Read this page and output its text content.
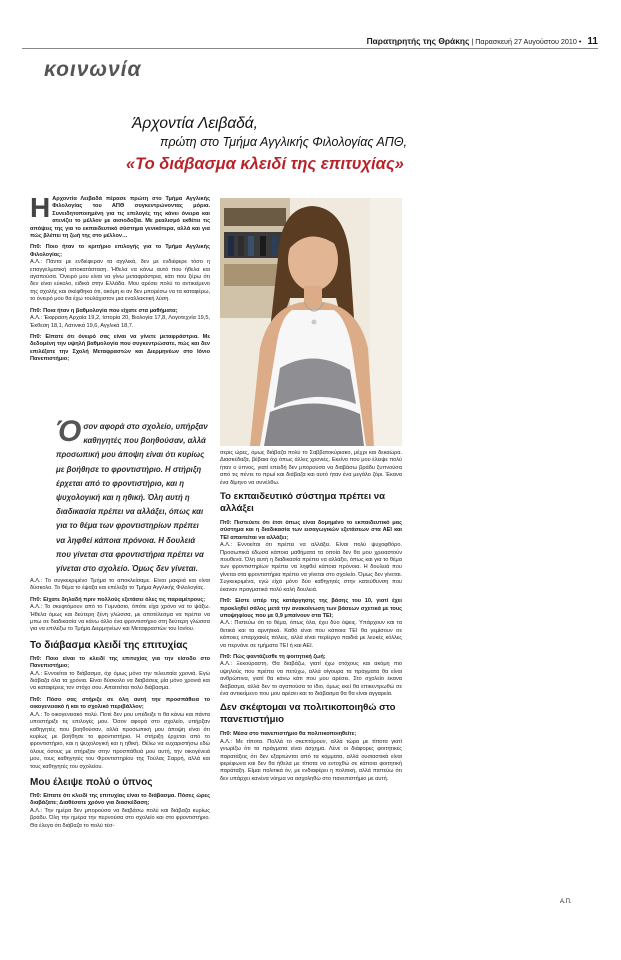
Παρατηρητής της Θράκης | Παρασκευή 27 Αυγούστου 2010 • 11
κοινωνία
Άρχοντία Λειβαδά,
πρώτη στο Τμήμα Αγγλικής Φιλολογίας ΑΠΘ,
«Το διάβασμα κλειδί της επιτυχίας»

Η Αρχοντία Λειβαδά πέρασε πρώτη στο Τμήμα Αγγλικής Φιλολογίας του ΑΠΘ συγκεντρώνοντας μόρια. Συνειδητοποιημένη για τις επιλογές της κάνει όνειρα και ατενίζει το μέλλον με αισιοδοξία. Με ρεαλισμό εκθέτει τις απόψεις της για το εκπαιδευτικό σύστημα γενικότερα, αλλά και για πώς βλέπει τη ζωή της στο μέλλον…

Πτ0: Ποιο ήταν το κριτήριο επιλογής για το Τμήμα Αγγλικής Φιλολογίας;
Α.Λ.: Πάντα με ενδιέφεραν τα αγγλικά, δεν με ενδιέφερε τόσο η επαγγελματική αποκατάσταση. Ήθελα να κάνω αυτό που ήθελα και αγαπούσα. Όνειρό μου είναι να γίνω μεταφράστρια, κάτι που ξέρω ότι δεν είναι εύκολο, ειδικά στην Ελλάδα. Μου αρέσει πολύ το αντικείμενο της σχολής και σκέφθηκα ότι, ακόμη κι αν δεν μπορέσω να τα καταφέρω, το όνειρό μου θα έχω τουλάχιστον μια εναλλακτική λύση.

Πτ0: Ποια ήταν η βαθμολογία που είχατε στα μαθήματα;
Α.Λ.: Έκφραση Αρχαία 19,2, Ιστορία 20, Βιολογία 17,8, Λογοτεχνία 19,5, Έκθεση 18,1, Λατινικά 19,6, Αγγλικά 18,7.

Πτ0: Είπατε ότι όνειρό σας είναι να γίνετε μεταφράστρια. Με δεδομένη την υψηλή βαθμολογία που συγκεντρώσατε, πώς και δεν επιλέξατε την Σχολή Μεταφραστών και Διερμηνέων στο Ιόνιο Πανεπιστήμιο;

Ό σον αφορά στο σχολείο, υπήρξαν καθηγητές που βοηθούσαν, αλλά προσωπική μου άποψη είναι ότι κυρίως με βοήθησε το φροντιστήριο. Η στήριξη έρχεται από το φροντιστήριο, και η ψυχολογική και η ηθική. Όλη αυτή η διαδικασία πρέπει να αλλάξει, όπως και για το θέμα των φροντιστηρίων πρέπει να ληφθεί κάποια πρόνοια. Η δουλειά που γίνεται στα φροντιστήρια πρέπει να γίνεται στο σχολείο. Όμως δεν γίνεται.

Α.Λ.: Το συγκεκριμένο Τμήμα το αποκλείσαμε. Είναι μακριά και είναι δύσκολο. Το θέμα το έψαξα και επέλεξα το Τμήμα Αγγλικής Φιλολογίας.

Πτ0: Είχατε δηλαδή πριν πολλούς εξετάσει όλες τις παραμέτρους;
Α.Λ.: Το σκεφτόμουν από το Γυμνάσιο, όπότε είχα χρόνο να το ψάξω. Ήθελα όμως και δεύτερη ξένη γλώσσα, με αποτέλεσμα να πρέπει να μπω σε διαδικασία να κάνω άλλο ένα φροντιστήριο στη δεύτερη γλώσσα για να επιλέξω το Τμήμα Διερμηνέων και Μεταφραστών του Ιονίου.

Το διάβασμα κλειδί της επιτυχίας

Πτ0: Ποιο είναι το κλειδί της επιτυχίας για την είσοδο στο Πανεπιστήμιο;
Α.Λ.: Εννοείται το διάβασμα, όχι όμως μόνο την τελευταία χρονιά. Εγώ διάβαζα όλα τα χρόνια. Είναι δύσκολο να διαβάσεις μία μόνο χρονιά και να καταφέρεις τον στόχο σου. Απαιτείται πολύ διάβασμα.

Πτ0: Πόσο σας στήριξε σε όλη αυτή την προσπάθεια το οικογενειακό ή και το σχολικό περιβάλλον;
Α.Λ.: Το οικογενειακό πολύ. Ποτέ δεν μου υπέδειξε τι θα κάνω και πάντα υποστήριξε τις επιλογές μου. Όσον αφορά στο σχολείο, υπήρξαν καθηγητές που βοηθούσαν, αλλά προσωπική μου άποψη είναι ότι κυρίως με βοήθησε το φροντιστήριο. Η στήριξη έρχεται από το φροντιστήριο, και η ψυχολογική και η ηθική. Θέλω να ευχαριστήσω εδώ όλους όσους με στήριξαν στην προσπάθειά μου αυτή, την οικογένειά μου, τους καθηγητές του Φροντιστηρίου της Τούλας Σαρρή, αλλά και τους καθηγητές του σχολείου.

Μου έλειψε πολύ ο ύπνος

Πτ0: Είπατε ότι κλειδί της επιτυχίας είναι το διάβασμα. Πόσες ώρες διαβάζατε; Διαθέσατε χρόνο για διασκέδαση;
Α.Λ.: Την ημέρα δεν μπορούσα να διαβάσω πολύ και διάβαζα κυρίως βράδυ. Όλη την ημέρα την περνούσα στο σχολείο και στο φροντιστήριο. Θα έλεγα ότι διάβαζα το πολύ τέσ-

σερις ώρες, όμως διάβαζα πολύ το Σαββατοκύριακο, μέχρι και δεκαώρα. Διασκέδαζα, βέβαια όχι όπως άλλες χρονιές. Εκείνο που μου έλειψε πολύ ήταν ο ύπνος, γιατί επειδή δεν μπορούσα να διαβάσω βράδυ ξυπνούσα από τις πέντε το πρωί και διάβαζα και αυτό ήταν ένα μεγάλο ζόρι. Έκανα ένα δίμηνο να συνέλθω.

Το εκπαιδευτικό σύστημα πρέπει να αλλάξει

Πτ0: Πιστεύετε ότι έτσι όπως είναι δομημένο το εκπαιδευτικό μας σύστημα και η διαδικασία των εισαγωγικών εξετάσεων στα ΑΕΙ και ΤΕΙ απαιτείται να αλλάξει;
Α.Λ.: Εννοείται ότι πρέπει να αλλάξει. Είναι πολύ ψυχοφθόρο. Προσωπικά έδωσα κάποια μαθήματα τα οποία δεν θα μου χρειαστούν πουθενά. Όλη αυτή η διαδικασία πρέπει να αλλάξει, όπως και για το θέμα των φροντιστηρίων πρέπει να ληφθεί κάποια πρόνοια. Η δουλειά που γίνεται στα φροντιστήρια πρέπει να γίνεται στο σχολείο. Όμως δεν γίνεται. Συγκεκριμένα, εγώ είχα μόνο δύο καθηγητές στην κατεύθυνση που έκαναν πραγματικά πολύ καλή δουλειά.

Πτ0: Είστε υπέρ της κατάργησης της βάσης του 10, γιατί έχει προκληθεί σάλος μετά την ανακοίνωση των βάσεων σχετικά με τους υποψηφίους που με 0,9 μπαίνουν στα ΤΕΙ;
Α.Λ.: Πιστεύω ότι το θέμα, όπως όλα, έχει δύο όψεις. Υπάρχουν και τα θετικά και τα αρνητικά. Καθό είναι που κάποια ΤΕΙ θα γεμίσουν σε κάποιες επαρχιακές πόλεις, αλλά είναι περίεργο παιδιά με λευκές κόλλες να περνάνε σε τμήματα ΤΕΙ ή και ΑΕΙ.

Πτ0: Πώς φαντάζεσθε τη φοιτητική ζωή;
Α.Λ.: Ξεκούραστη. Θα διαβάζω, γιατί έχω στόχους και ακόμη πιο υψηλούς που πρέπει να πετύχω, αλλά σίγουρα τα πράγματα θα είναι ανθρώπινα, γιατί θα κάνω κάτι που μου αρέσει. Στο σχολείο έκανα διάβασμα, αλλά δεν το αγαπούσα το ίδιο, όμως εκεί θα επικεντρωθώ σε ένα αντικείμενο που μου αρέσει και το διάβασμα θα θα είναι αγγαρεία.

Δεν σκέφτομαι να πολιτικοποιηθώ στο πανεπιστήμιο

Πτ0: Μέσα στο πανεπιστήμιο θα πολιτικοποιηθείτε;
Α.Λ.: Με τίποτα. Πολλά το σκεπτόμουν, αλλά τώρα με τίποτα γιατί γνωρίζω ότι τα πράγματα είναι άσχημα. Λένε οι διάφορες φοιτητικές παρατάξεις ότι δεν εξαρτώνται από τα κόμματα, αλλά ουσιαστικά είναι φερέφωνα και δεν θα ήθελα με τίποτα να εντοχθώ σε κάποια φοιτητική παράταξη. Είμαι πολιτικά όν, με ενδιαφέρει η πολιτική, αλλά πιστεύω ότι δεν υπάρχει κανένα νόημα να ασχοληθώ στο πανεπιστήμιο με αυτή.

Α.Π.
